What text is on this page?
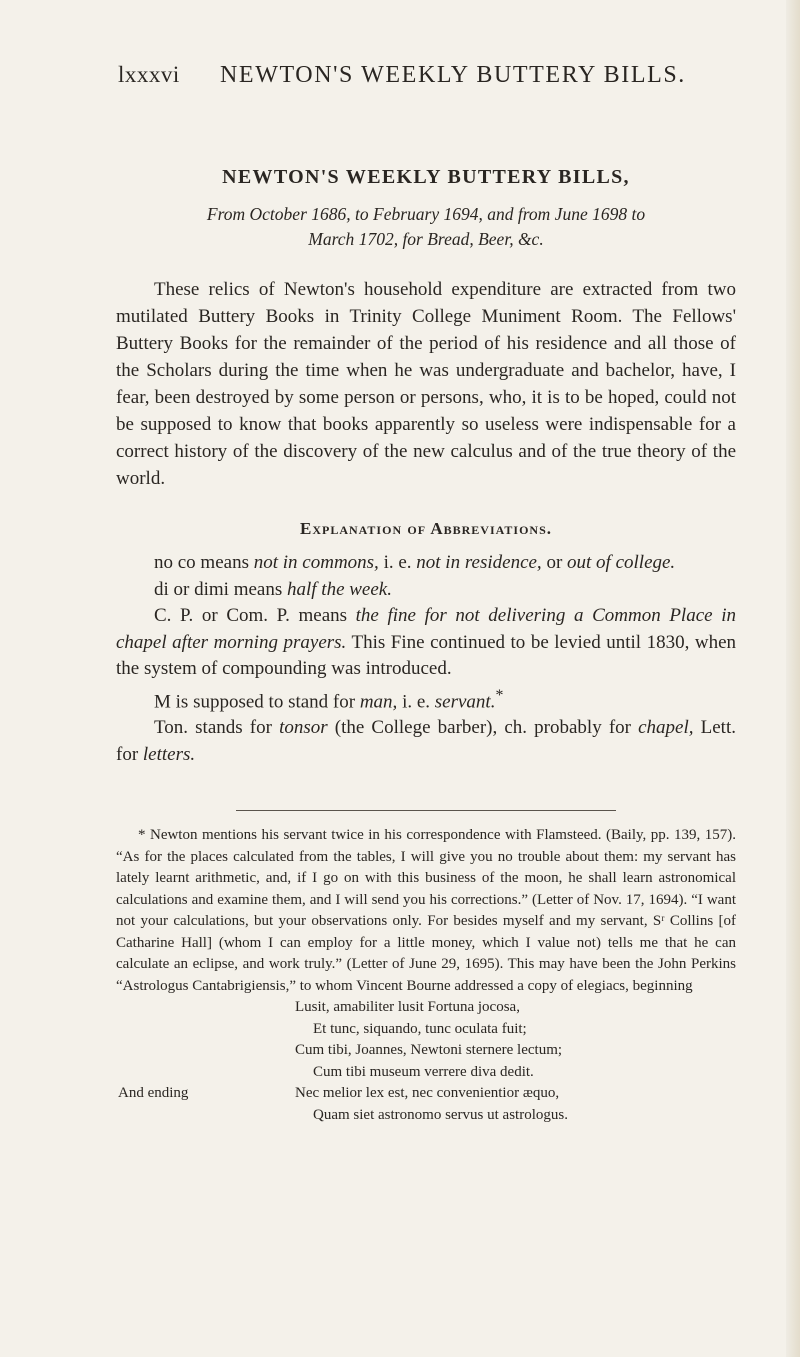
lxxxvi NEWTON'S WEEKLY BUTTERY BILLS.
NEWTON'S WEEKLY BUTTERY BILLS,

From October 1686, to February 1694, and from June 1698 to
March 1702, for Bread, Beer, &c.

These relics of Newton's household expenditure are extracted from two mutilated Buttery Books in Trinity College Muniment Room. The Fellows' Buttery Books for the remainder of the period of his residence and all those of the Scholars during the time when he was undergraduate and bachelor, have, I fear, been destroyed by some person or persons, who, it is to be hoped, could not be supposed to know that books apparently so useless were indispensable for a correct history of the discovery of the new calculus and of the true theory of the world.

Explanation of Abbreviations.

no co means not in commons, i. e. not in residence, or out of college.

di or dimi means half the week.

C. P. or Com. P. means the fine for not delivering a Common Place in chapel after morning prayers. This Fine continued to be levied until 1830, when the system of compounding was introduced.

M is supposed to stand for man, i. e. servant.*

Ton. stands for tonsor (the College barber), ch. probably for chapel, Lett. for letters.

* Newton mentions his servant twice in his correspondence with Flamsteed. (Baily, pp. 139, 157). “As for the places calculated from the tables, I will give you no trouble about them: my servant has lately learnt arithmetic, and, if I go on with this business of the moon, he shall learn astronomical calculations and examine them, and I will send you his corrections.” (Letter of Nov. 17, 1694). “I want not your calculations, but your observations only. For besides myself and my servant, Sʳ Collins [of Catharine Hall] (whom I can employ for a little money, which I value not) tells me that he can calculate an eclipse, and work truly.” (Letter of June 29, 1695). This may have been the John Perkins “Astrologus Cantabrigiensis,” to whom Vincent Bourne addressed a copy of elegiacs, beginning

Lusit, amabiliter lusit Fortuna jocosa,

Et tunc, siquando, tunc oculata fuit;

Cum tibi, Joannes, Newtoni sternere lectum;

Cum tibi museum verrere diva dedit.

And ending	Nec melior lex est, nec convenientior æquo,

Quam siet astronomo servus ut astrologus.
